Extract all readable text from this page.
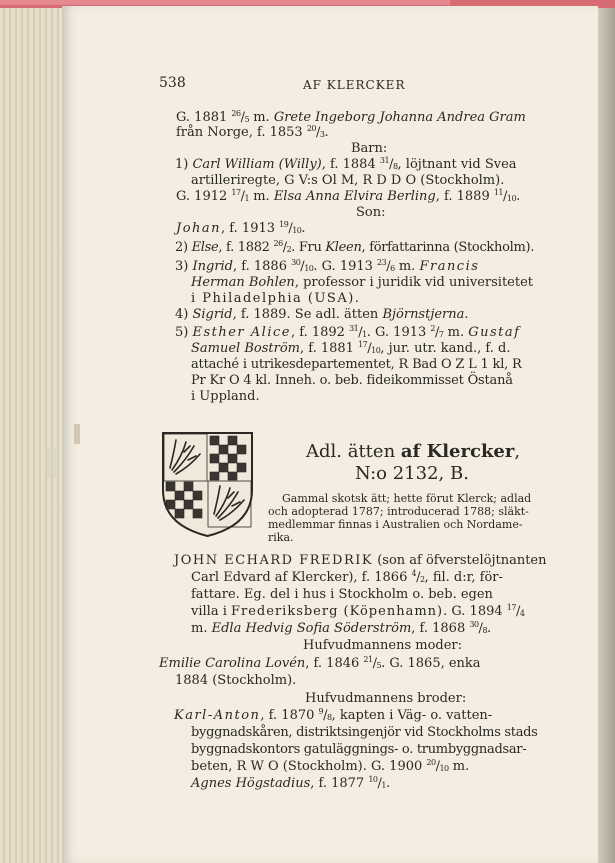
538	AF KLERCKER
G. 1881 $^{26}/_5$ m. Grete Ingeborg Johanna Andrea Gram
från Norge, f. 1853 $^{20}/_3$.
Barn:
1) Carl William (Willy), f. 1884 $^{31}/_8$, löjtnant vid Svea
artilleriregte, G V:s Ol M, R D D O (Stockholm).
G. 1912 $^{17}/_1$ m. Elsa Anna Elvira Berling, f. 1889 $^{11}/_{10}$.
Son:
Johan, f. 1913 $^{19}/_{10}$.
2) Else, f. 1882 $^{26}/_2$. Fru Kleen, författarinna (Stockholm).
3) Ingrid, f. 1886 $^{30}/_{10}$. G. 1913 $^{23}/_6$ m. Francis
Herman Bohlen, professor i juridik vid universitetet
i Philadelphia (USA).
4) Sigrid, f. 1889. Se adl. ätten Björnstjerna.
5) Esther Alice, f. 1892 $^{31}/_1$. G. 1913 $^2/_7$ m. Gustaf
Samuel Boström, f. 1881 $^{17}/_{10}$, jur. utr. kand., f. d.
attaché i utrikesdepartementet, R Bad O Z L 1 kl, R
Pr Kr O 4 kl. Inneh. o. beb. fideikommisset Östanå
i Uppland.
Adl. ätten af Klercker,
N:o 2132, B.
Gammal skotsk ätt; hette förut Klerck; adlad
och adopterad 1787; introducerad 1788; släkt-
medlemmar finnas i Australien och Nordame-
rika.
JOHN ECHARD FREDRIK (son af öfverstelöjtnanten
Carl Edvard af Klercker), f. 1866 $^4/_2$, fil. d:r, för-
fattare. Eg. del i hus i Stockholm o. beb. egen
villa i Frederiksberg (Köpenhamn). G. 1894 $^{17}/_4$
m. Edla Hedvig Sofia Söderström, f. 1868 $^{30}/_8$.
Hufvudmannens moder:
Emilie Carolina Lovén, f. 1846 $^{21}/_5$. G. 1865, enka
1884 (Stockholm).
Hufvudmannens broder:
Karl-Anton, f. 1870 $^9/_8$, kapten i Väg- o. vatten-
byggnadskåren, distriktsingenjör vid Stockholms stads
byggnadskontors gatuläggnings- o. trumbyggnadsar-
beten, R W O (Stockholm). G. 1900 $^{20}/_{10}$ m.
Agnes Högstadius, f. 1877 $^{10}/_1$.
